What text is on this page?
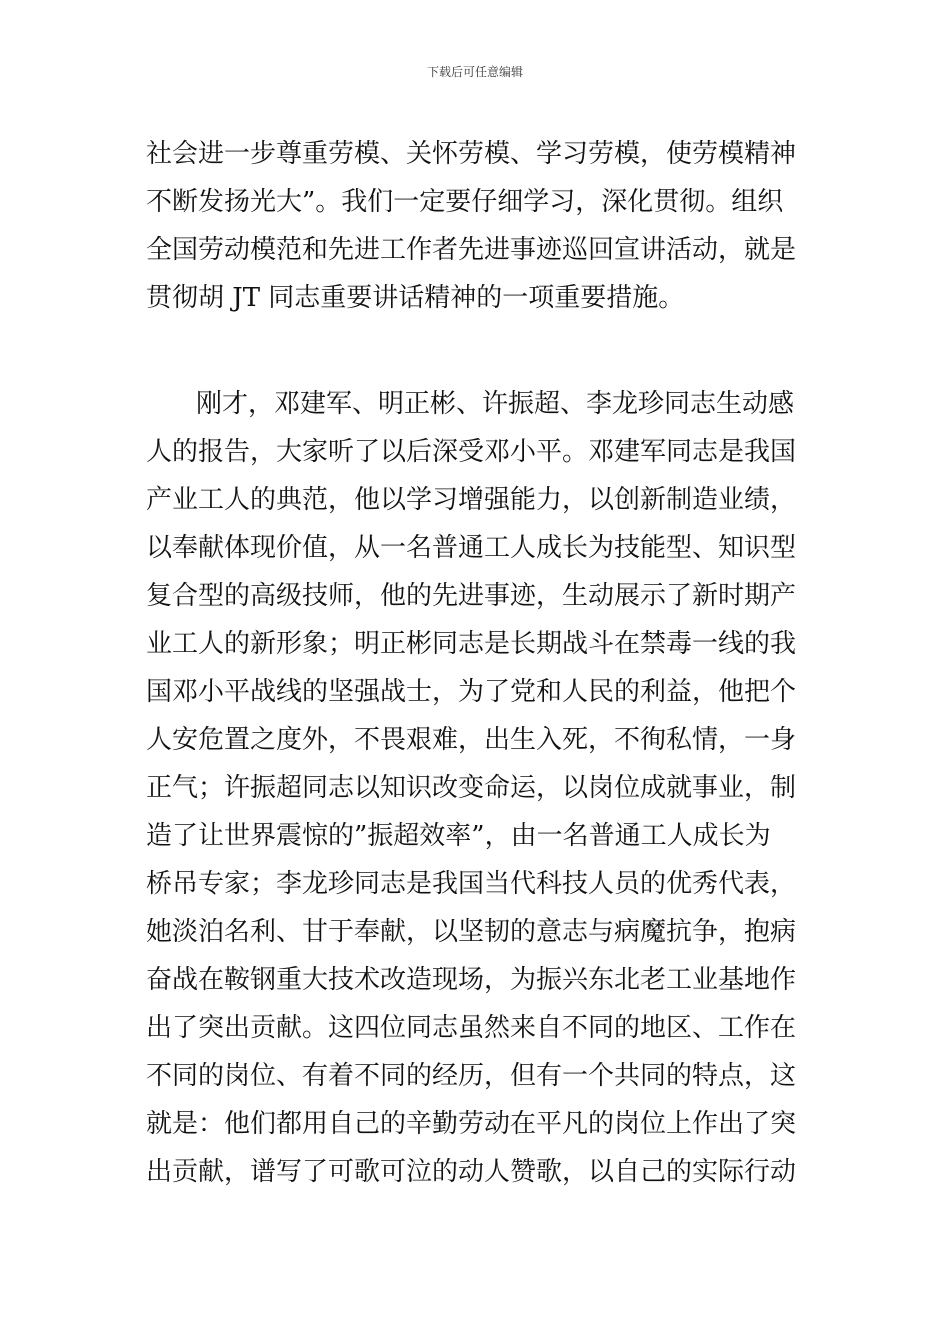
下载后可任意编辑
社会进一步尊重劳模、关怀劳模、学习劳模，使劳模精神
不断发扬光大”。我们一定要仔细学习，深化贯彻。组织
全国劳动模范和先进工作者先进事迹巡回宣讲活动，就是
贯彻胡 JT 同志重要讲话精神的一项重要措施。
刚才，邓建军、明正彬、许振超、李龙珍同志生动感
人的报告，大家听了以后深受邓小平。邓建军同志是我国
产业工人的典范，他以学习增强能力，以创新制造业绩，
以奉献体现价值，从一名普通工人成长为技能型、知识型
复合型的高级技师，他的先进事迹，生动展示了新时期产
业工人的新形象；明正彬同志是长期战斗在禁毒一线的我
国邓小平战线的坚强战士，为了党和人民的利益，他把个
人安危置之度外，不畏艰难，出生入死，不徇私情，一身
正气；许振超同志以知识改变命运，以岗位成就事业，制
造了让世界震惊的”振超效率”，由一名普通工人成长为
桥吊专家；李龙珍同志是我国当代科技人员的优秀代表，
她淡泊名利、甘于奉献，以坚韧的意志与病魔抗争，抱病
奋战在鞍钢重大技术改造现场，为振兴东北老工业基地作
出了突出贡献。这四位同志虽然来自不同的地区、工作在
不同的岗位、有着不同的经历，但有一个共同的特点，这
就是：他们都用自己的辛勤劳动在平凡的岗位上作出了突
出贡献，谱写了可歌可泣的动人赞歌，以自己的实际行动
